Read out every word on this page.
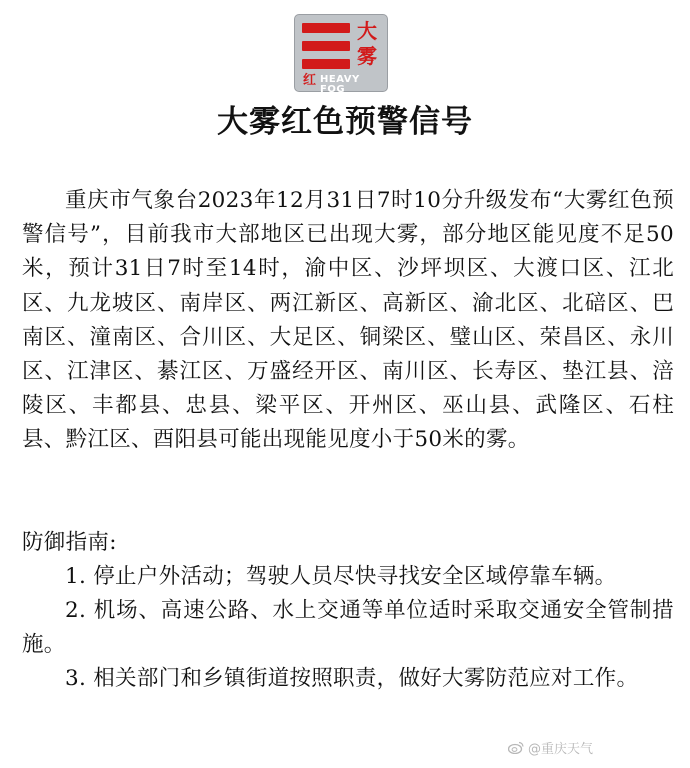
大
雾
红 HEAVY FOG
大雾红色预警信号

重庆市气象台2023年12月31日7时10分升级发布“大雾红色预警信号”，目前我市大部地区已出现大雾，部分地区能见度不足50米，预计31日7时至14时，渝中区、沙坪坝区、大渡口区、江北区、九龙坡区、南岸区、两江新区、高新区、渝北区、北碚区、巴南区、潼南区、合川区、大足区、铜梁区、璧山区、荣昌区、永川区、江津区、綦江区、万盛经开区、南川区、长寿区、垫江县、涪陵区、丰都县、忠县、梁平区、开州区、巫山县、武隆区、石柱县、黔江区、酉阳县可能出现能见度小于50米的雾。

防御指南:

1. 停止户外活动；驾驶人员尽快寻找安全区域停靠车辆。

2. 机场、高速公路、水上交通等单位适时采取交通安全管制措施。

3. 相关部门和乡镇街道按照职责，做好大雾防范应对工作。

@重庆天气
